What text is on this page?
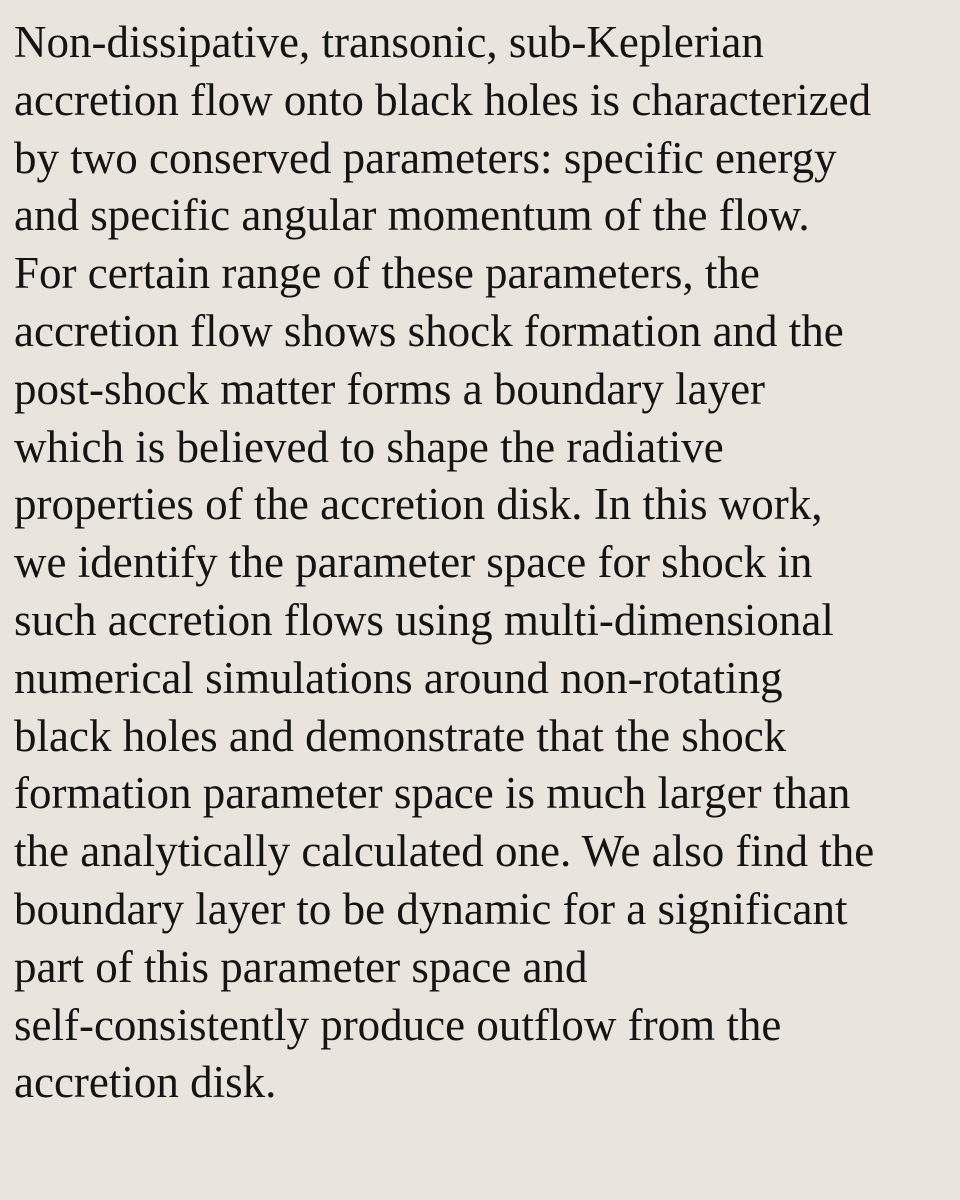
Non-dissipative, transonic, sub-Keplerian
accretion flow onto black holes is characterized
by two conserved parameters: specific energy
and specific angular momentum of the flow.
For certain range of these parameters, the
accretion flow shows shock formation and the
post-shock matter forms a boundary layer
which is believed to shape the radiative
properties of the accretion disk. In this work,
we identify the parameter space for shock in
such accretion flows using multi-dimensional
numerical simulations around non-rotating
black holes and demonstrate that the shock
formation parameter space is much larger than
the analytically calculated one. We also find the
boundary layer to be dynamic for a significant
part of this parameter space and
self-consistently produce outflow from the
accretion disk.
